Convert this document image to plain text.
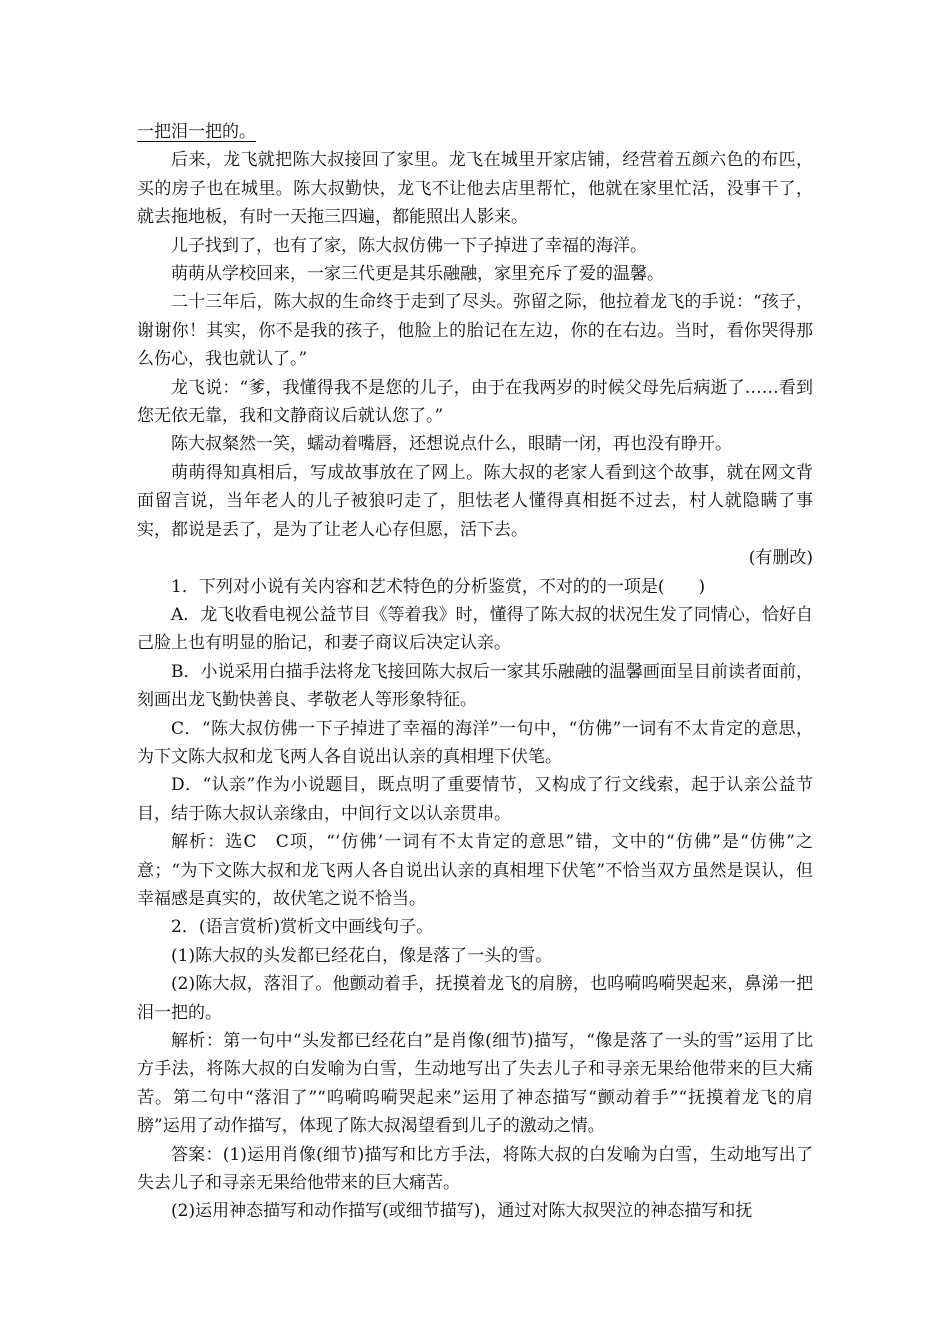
一把泪一把的。

后来，龙飞就把陈大叔接回了家里。龙飞在城里开家店铺，经营着五颜六色的布匹，买的房子也在城里。陈大叔勤快，龙飞不让他去店里帮忙，他就在家里忙活，没事干了，就去拖地板，有时一天拖三四遍，都能照出人影来。

儿子找到了，也有了家，陈大叔仿佛一下子掉进了幸福的海洋。

萌萌从学校回来，一家三代更是其乐融融，家里充斥了爱的温馨。

二十三年后，陈大叔的生命终于走到了尽头。弥留之际，他拉着龙飞的手说：“孩子，谢谢你！其实，你不是我的孩子，他脸上的胎记在左边，你的在右边。当时，看你哭得那么伤心，我也就认了。”

龙飞说：“爹，我懂得我不是您的儿子，由于在我两岁的时候父母先后病逝了……看到您无依无靠，我和文静商议后就认您了。”

陈大叔粲然一笑，蠕动着嘴唇，还想说点什么，眼睛一闭，再也没有睁开。

萌萌得知真相后，写成故事放在了网上。陈大叔的老家人看到这个故事，就在网文背面留言说，当年老人的儿子被狼叼走了，胆怯老人懂得真相挺不过去，村人就隐瞒了事实，都说是丢了，是为了让老人心存但愿，活下去。

(有删改)

1．下列对小说有关内容和艺术特色的分析鉴赏，不对的的一项是(　　)

A．龙飞收看电视公益节目《等着我》时，懂得了陈大叔的状况生发了同情心，恰好自己脸上也有明显的胎记，和妻子商议后决定认亲。

B．小说采用白描手法将龙飞接回陈大叔后一家其乐融融的温馨画面呈目前读者面前，刻画出龙飞勤快善良、孝敬老人等形象特征。

C．“陈大叔仿佛一下子掉进了幸福的海洋”一句中，“仿佛”一词有不太肯定的意思，为下文陈大叔和龙飞两人各自说出认亲的真相埋下伏笔。

D．“认亲”作为小说题目，既点明了重要情节，又构成了行文线索，起于认亲公益节目，结于陈大叔认亲缘由，中间行文以认亲贯串。

解析：选C　C项，“‘仿佛’一词有不太肯定的意思”错，文中的“仿佛”是“仿佛”之意；“为下文陈大叔和龙飞两人各自说出认亲的真相埋下伏笔”不恰当双方虽然是误认，但幸福感是真实的，故伏笔之说不恰当。

2．(语言赏析)赏析文中画线句子。

(1)陈大叔的头发都已经花白，像是落了一头的雪。

(2)陈大叔，落泪了。他颤动着手，抚摸着龙飞的肩膀，也呜嗬呜嗬哭起来，鼻涕一把泪一把的。

解析：第一句中“头发都已经花白”是肖像(细节)描写，“像是落了一头的雪”运用了比方手法，将陈大叔的白发喻为白雪，生动地写出了失去儿子和寻亲无果给他带来的巨大痛苦。第二句中“落泪了”“呜嗬呜嗬哭起来”运用了神态描写“颤动着手”“抚摸着龙飞的肩膀”运用了动作描写，体现了陈大叔渴望看到儿子的激动之情。

答案：(1)运用肖像(细节)描写和比方手法，将陈大叔的白发喻为白雪，生动地写出了失去儿子和寻亲无果给他带来的巨大痛苦。

(2)运用神态描写和动作描写(或细节描写)，通过对陈大叔哭泣的神态描写和抚
